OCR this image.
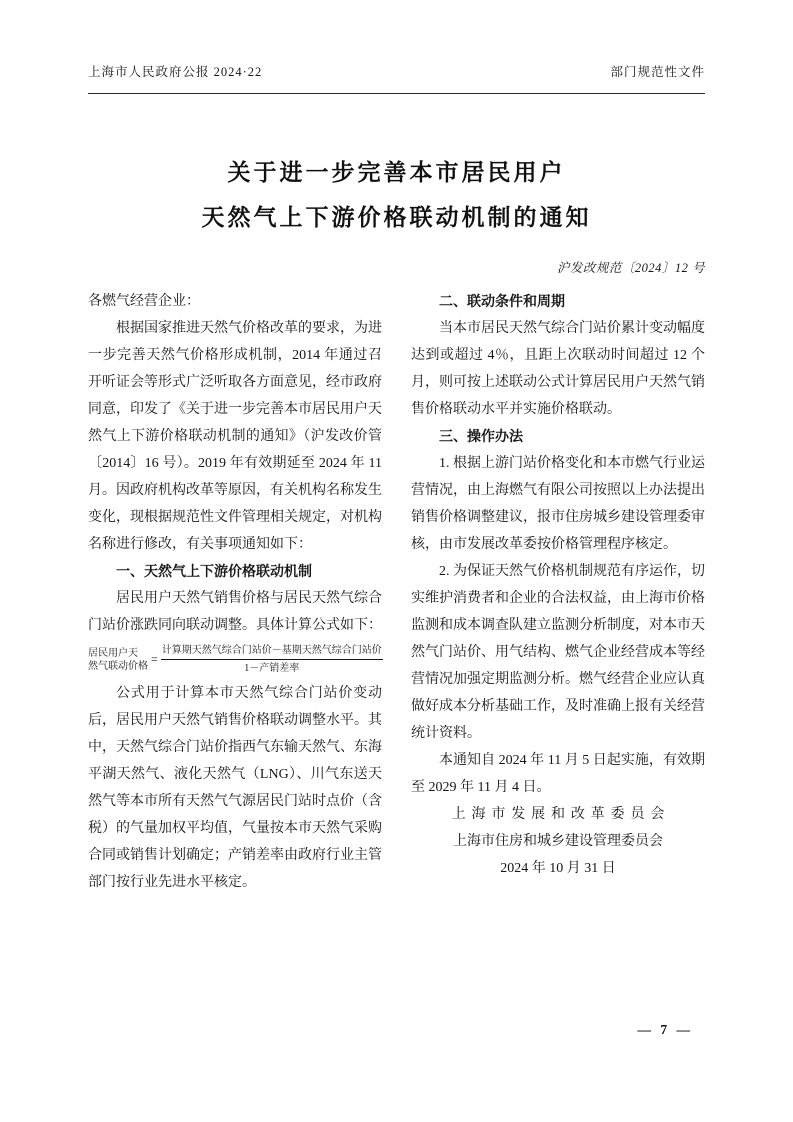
上海市人民政府公报 2024·22	部门规范性文件
关于进一步完善本市居民用户
天然气上下游价格联动机制的通知
沪发改规范〔2024〕12 号

各燃气经营企业：

根据国家推进天然气价格改革的要求，为进一步完善天然气价格形成机制，2014 年通过召开听证会等形式广泛听取各方面意见，经市政府同意，印发了《关于进一步完善本市居民用户天然气上下游价格联动机制的通知》（沪发改价管〔2014〕16 号）。2019 年有效期延至 2024 年 11 月。因政府机构改革等原因，有关机构名称发生变化，现根据规范性文件管理相关规定，对机构名称进行修改，有关事项通知如下：

一、天然气上下游价格联动机制

居民用户天然气销售价格与居民天然气综合门站价涨跌同向联动调整。具体计算公式如下：

居民用户天
然气联动价格 = $\frac{\text{计算期天然气综合门站价－基期天然气综合门站价}}{\text{1－产销差率}}$

公式用于计算本市天然气综合门站价变动后，居民用户天然气销售价格联动调整水平。其中，天然气综合门站价指西气东输天然气、东海平湖天然气、液化天然气（LNG）、川气东送天然气等本市所有天然气气源居民门站时点价（含税）的气量加权平均值，气量按本市天然气采购合同或销售计划确定；产销差率由政府行业主管部门按行业先进水平核定。

二、联动条件和周期

当本市居民天然气综合门站价累计变动幅度达到或超过 4％，且距上次联动时间超过 12 个月，则可按上述联动公式计算居民用户天然气销售价格联动水平并实施价格联动。

三、操作办法

1. 根据上游门站价格变化和本市燃气行业运营情况，由上海燃气有限公司按照以上办法提出销售价格调整建议，报市住房城乡建设管理委审核，由市发展改革委按价格管理程序核定。

2. 为保证天然气价格机制规范有序运作，切实维护消费者和企业的合法权益，由上海市价格监测和成本调查队建立监测分析制度，对本市天然气门站价、用气结构、燃气企业经营成本等经营情况加强定期监测分析。燃气经营企业应认真做好成本分析基础工作，及时准确上报有关经营统计资料。

本通知自 2024 年 11 月 5 日起实施，有效期至 2029 年 11 月 4 日。

上海市发展和改革委员会

上海市住房和城乡建设管理委员会

2024 年 10 月 31 日

— 7 —
